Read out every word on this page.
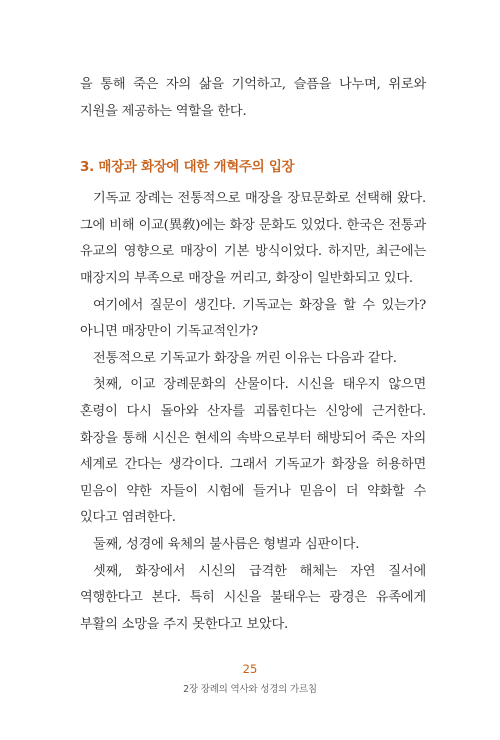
을 통해 죽은 자의 삶을 기억하고, 슬픔을 나누며, 위로와 지원을 제공하는 역할을 한다.

3. 매장과 화장에 대한 개혁주의 입장

기독교 장례는 전통적으로 매장을 장묘문화로 선택해 왔다. 그에 비해 이교(異敎)에는 화장 문화도 있었다. 한국은 전통과 유교의 영향으로 매장이 기본 방식이었다. 하지만, 최근에는 매장지의 부족으로 매장을 꺼리고, 화장이 일반화되고 있다.

여기에서 질문이 생긴다. 기독교는 화장을 할 수 있는가? 아니면 매장만이 기독교적인가?

전통적으로 기독교가 화장을 꺼린 이유는 다음과 같다.

첫째, 이교 장례문화의 산물이다. 시신을 태우지 않으면 혼령이 다시 돌아와 산자를 괴롭힌다는 신앙에 근거한다. 화장을 통해 시신은 현세의 속박으로부터 해방되어 죽은 자의 세계로 간다는 생각이다. 그래서 기독교가 화장을 허용하면 믿음이 약한 자들이 시험에 들거나 믿음이 더 약화할 수 있다고 염려한다.

둘째, 성경에 육체의 불사름은 형벌과 심판이다.

셋째, 화장에서 시신의 급격한 해체는 자연 질서에 역행한다고 본다. 특히 시신을 불태우는 광경은 유족에게 부활의 소망을 주지 못한다고 보았다.

25
2장 장례의 역사와 성경의 가르침
